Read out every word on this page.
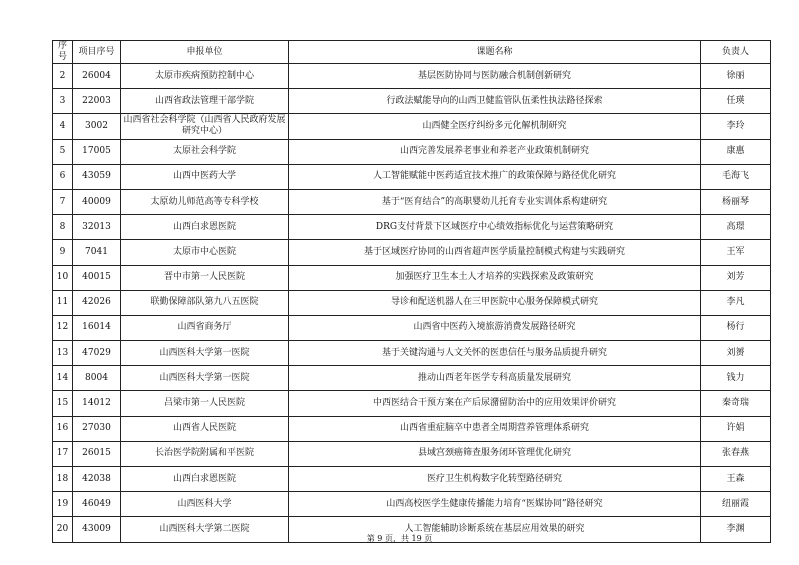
序号	项目序号	申报单位	课题名称	负责人
2	26004	太原市疾病预防控制中心	基层医防协同与医防融合机制创新研究	徐丽
3	22003	山西省政法管理干部学院	行政法赋能导向的山西卫健监管队伍柔性执法路径探索	任瑛
4	3002	山西省社会科学院（山西省人民政府发展研究中心）	山西健全医疗纠纷多元化解机制研究	李玲
5	17005	太原社会科学院	山西完善发展养老事业和养老产业政策机制研究	康惠
6	43059	山西中医药大学	人工智能赋能中医药适宜技术推广的政策保障与路径优化研究	毛海飞
7	40009	太原幼儿师范高等专科学校	基于“医育结合”的高职婴幼儿托育专业实训体系构建研究	杨丽琴
8	32013	山西白求恩医院	DRG支付背景下区域医疗中心绩效指标优化与运营策略研究	高璟
9	7041	太原市中心医院	基于区域医疗协同的山西省超声医学质量控制模式构建与实践研究	王军
10	40015	晋中市第一人民医院	加强医疗卫生本土人才培养的实践探索及政策研究	刘芳
11	42026	联勤保障部队第九八五医院	导诊和配送机器人在三甲医院中心服务保障模式研究	李凡
12	16014	山西省商务厅	山西省中医药入境旅游消费发展路径研究	杨行
13	47029	山西医科大学第一医院	基于关键沟通与人文关怀的医患信任与服务品质提升研究	刘赟
14	8004	山西医科大学第一医院	推动山西老年医学专科高质量发展研究	钱力
15	14012	吕梁市第一人民医院	中西医结合干预方案在产后尿潴留防治中的应用效果评价研究	秦奇瑞
16	27030	山西省人民医院	山西省重症脑卒中患者全周期营养管理体系研究	许娟
17	26015	长治医学院附属和平医院	县域宫颈癌筛查服务闭环管理优化研究	张春燕
18	42038	山西白求恩医院	医疗卫生机构数字化转型路径研究	王森
19	46049	山西医科大学	山西高校医学生健康传播能力培育“医媒协同”路径研究	纽丽霞
20	43009	山西医科大学第二医院	人工智能辅助诊断系统在基层应用效果的研究	李渊
第 9 页，共 19 页
